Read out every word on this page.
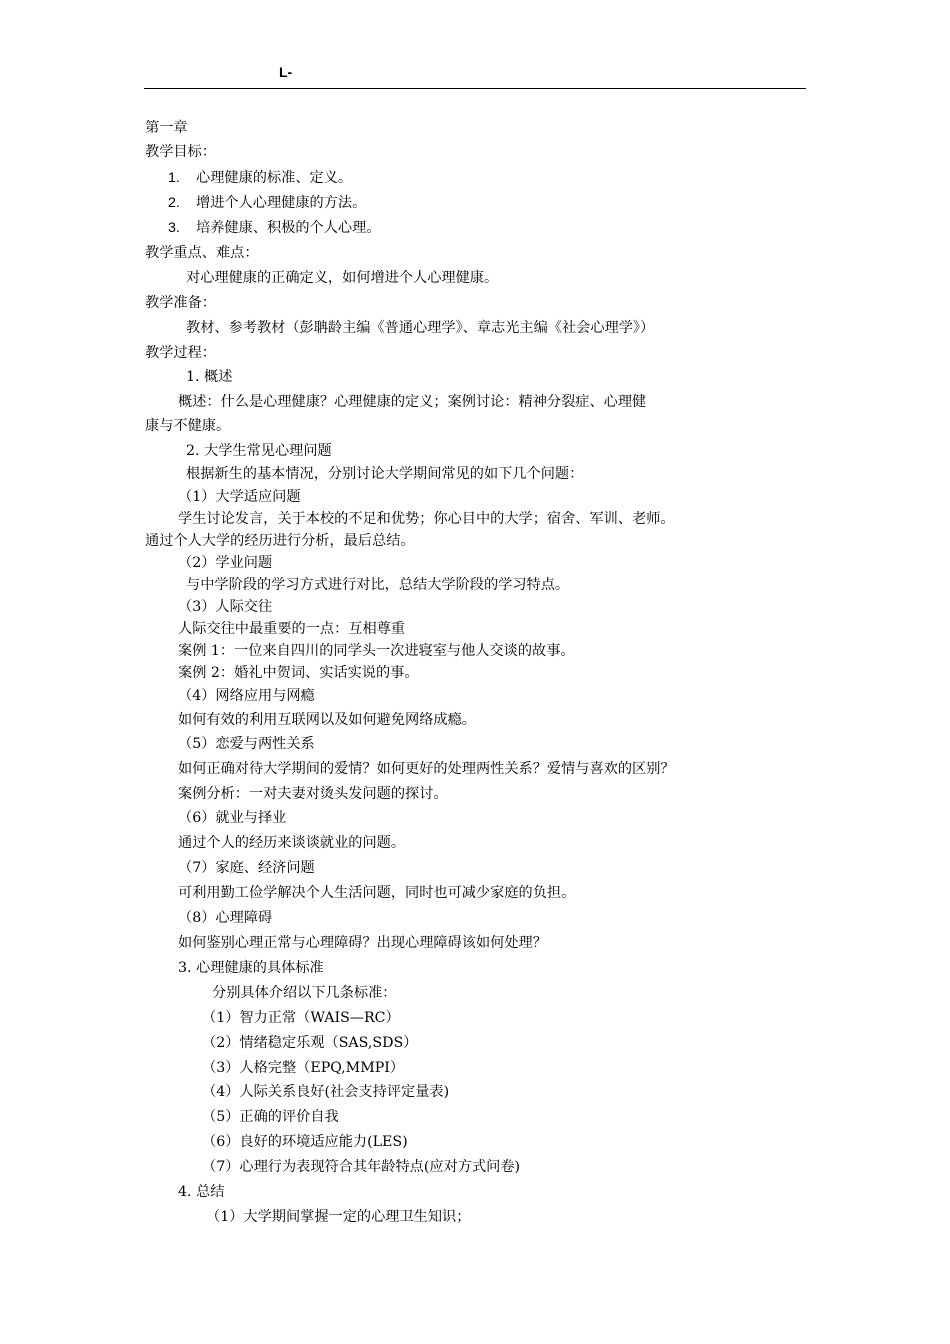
L-
第一章
教学目标：
1. 心理健康的标准、定义。
2. 增进个人心理健康的方法。
3. 培养健康、积极的个人心理。
教学重点、难点：
对心理健康的正确定义，如何增进个人心理健康。
教学准备：
教材、参考教材（彭聃龄主编《普通心理学》、章志光主编《社会心理学》）
教学过程：
1. 概述
概述：什么是心理健康？心理健康的定义；案例讨论：精神分裂症、心理健
康与不健康。
2. 大学生常见心理问题
根据新生的基本情况，分别讨论大学期间常见的如下几个问题：
（1）大学适应问题
学生讨论发言，关于本校的不足和优势；你心目中的大学；宿舍、军训、老师。
通过个人大学的经历进行分析，最后总结。
（2）学业问题
与中学阶段的学习方式进行对比，总结大学阶段的学习特点。
（3）人际交往
人际交往中最重要的一点：互相尊重
案例 1：一位来自四川的同学头一次进寝室与他人交谈的故事。
案例 2：婚礼中贺词、实话实说的事。
（4）网络应用与网瘾
如何有效的利用互联网以及如何避免网络成瘾。
（5）恋爱与两性关系
如何正确对待大学期间的爱情？如何更好的处理两性关系？爱情与喜欢的区别？
案例分析：一对夫妻对烫头发问题的探讨。
（6）就业与择业
通过个人的经历来谈谈就业的问题。
（7）家庭、经济问题
可利用勤工俭学解决个人生活问题，同时也可减少家庭的负担。
（8）心理障碍
如何鉴别心理正常与心理障碍？出现心理障碍该如何处理？
3. 心理健康的具体标准
分别具体介绍以下几条标准：
（1）智力正常（WAIS—RC）
（2）情绪稳定乐观（SAS,SDS）
（3）人格完整（EPQ,MMPI）
（4）人际关系良好(社会支持评定量表)
（5）正确的评价自我
（6）良好的环境适应能力(LES)
（7）心理行为表现符合其年龄特点(应对方式问卷)
4. 总结
（1）大学期间掌握一定的心理卫生知识；
